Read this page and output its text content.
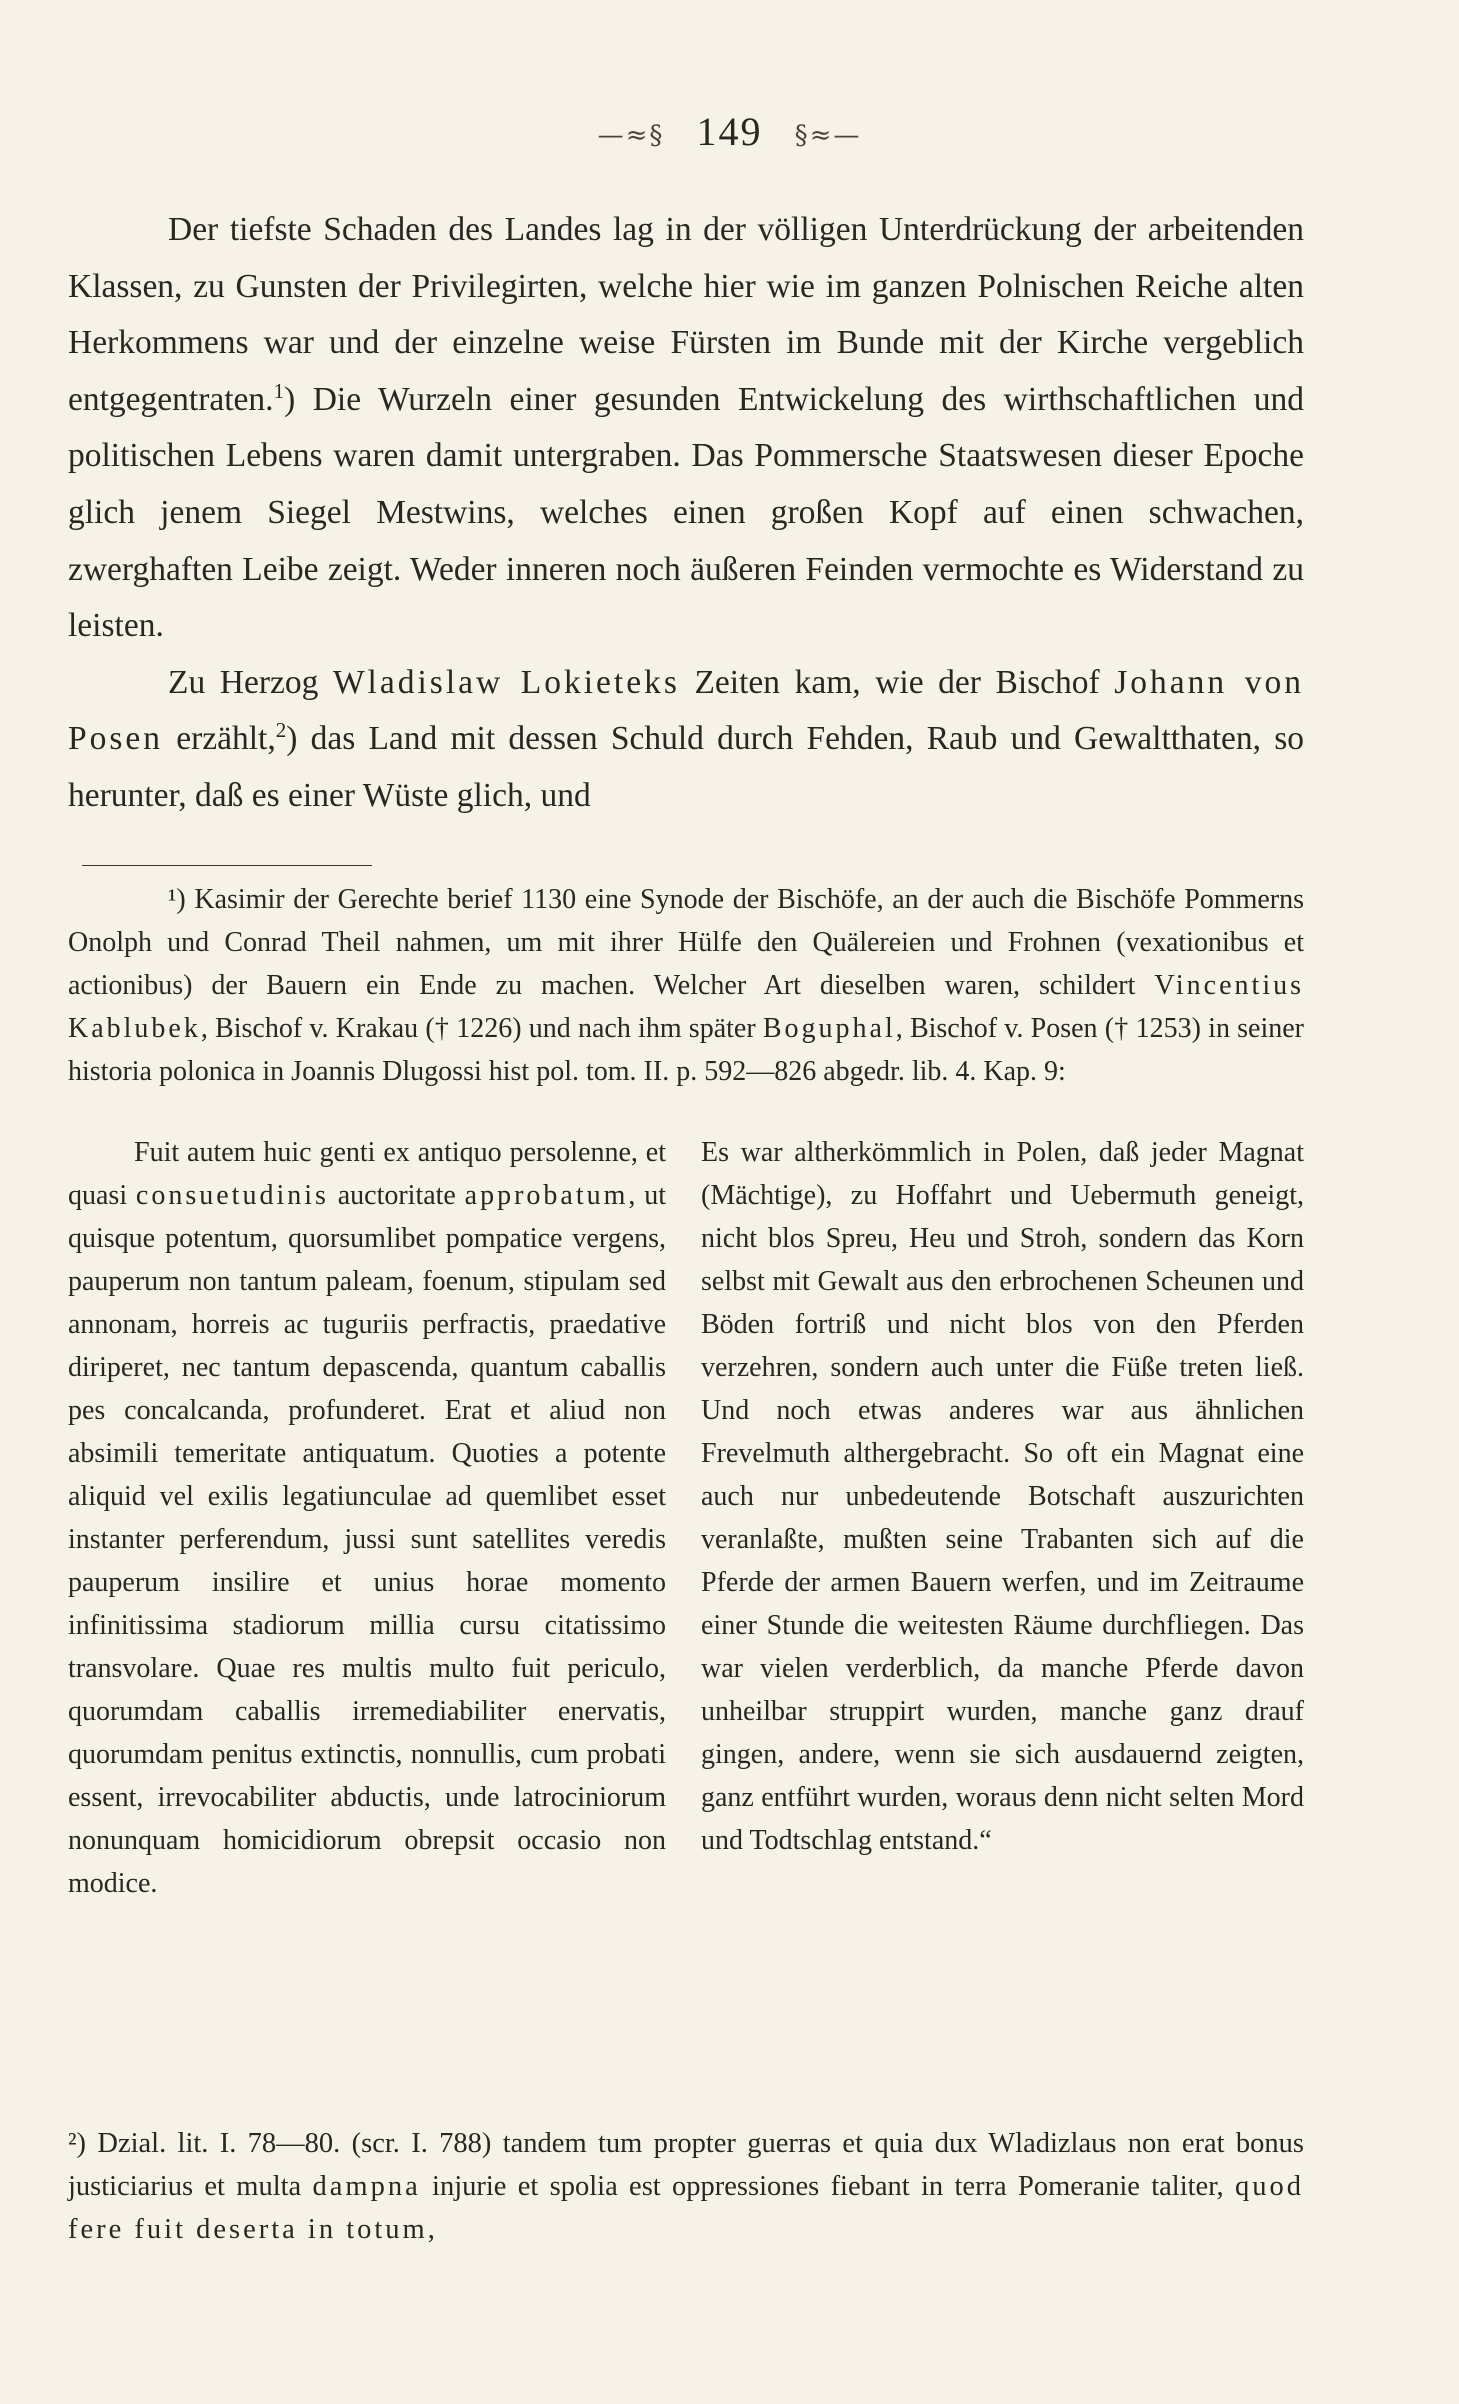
—≈§ 149 §≈—

Der tiefste Schaden des Landes lag in der völligen Unterdrückung der arbeitenden Klassen, zu Gunsten der Privilegirten, welche hier wie im ganzen Polnischen Reiche alten Herkommens war und der einzelne weise Fürsten im Bunde mit der Kirche vergeblich entgegentraten.$^1$) Die Wurzeln einer gesunden Entwickelung des wirthschaftlichen und politischen Lebens waren damit untergraben. Das Pommersche Staatswesen dieser Epoche glich jenem Siegel Mestwins, welches einen großen Kopf auf einen schwachen, zwerghaften Leibe zeigt. Weder inneren noch äußeren Feinden vermochte es Widerstand zu leisten.

Zu Herzog Wladislaw Lokieteks Zeiten kam, wie der Bischof Johann von Posen erzählt,$^2$) das Land mit dessen Schuld durch Fehden, Raub und Gewaltthaten, so herunter, daß es einer Wüste glich, und

¹) Kasimir der Gerechte berief 1130 eine Synode der Bischöfe, an der auch die Bischöfe Pommerns Onolph und Conrad Theil nahmen, um mit ihrer Hülfe den Quälereien und Frohnen (vexationibus et actionibus) der Bauern ein Ende zu machen. Welcher Art dieselben waren, schildert Vincentius Kablubek, Bischof v. Krakau († 1226) und nach ihm später Boguphal, Bischof v. Posen († 1253) in seiner historia polonica in Joannis Dlugossi hist pol. tom. II. p. 592—826 abgedr. lib. 4. Kap. 9:

Fuit autem huic genti ex antiquo persolenne, et quasi consuetudinis auctoritate approbatum, ut quisque potentum, quorsumlibet pompatice vergens, pauperum non tantum paleam, foenum, stipulam sed annonam, horreis ac tuguriis perfractis, praedative diriperet, nec tantum depascenda, quantum caballis pes concalcanda, profunderet. Erat et aliud non absimili temeritate antiquatum. Quoties a potente aliquid vel exilis legatiunculae ad quemlibet esset instanter perferendum, jussi sunt satellites veredis pauperum insilire et unius horae momento infinitissima stadiorum millia cursu citatissimo transvolare. Quae res multis multo fuit periculo, quorumdam caballis irremediabiliter enervatis, quorumdam penitus extinctis, nonnullis, cum probati essent, irrevocabiliter abductis, unde latrociniorum nonunquam homicidiorum obrepsit occasio non modice.

Es war altherkömmlich in Polen, daß jeder Magnat (Mächtige), zu Hoffahrt und Uebermuth geneigt, nicht blos Spreu, Heu und Stroh, sondern das Korn selbst mit Gewalt aus den erbrochenen Scheunen und Böden fortriß und nicht blos von den Pferden verzehren, sondern auch unter die Füße treten ließ. Und noch etwas anderes war aus ähnlichen Frevelmuth althergebracht. So oft ein Magnat eine auch nur unbedeutende Botschaft auszurichten veranlaßte, mußten seine Trabanten sich auf die Pferde der armen Bauern werfen, und im Zeitraume einer Stunde die weitesten Räume durchfliegen. Das war vielen verderblich, da manche Pferde davon unheilbar struppirt wurden, manche ganz drauf gingen, andere, wenn sie sich ausdauernd zeigten, ganz entführt wurden, woraus denn nicht selten Mord und Todtschlag entstand.“

²) Dzial. lit. I. 78—80. (scr. I. 788) tandem tum propter guerras et quia dux Wladizlaus non erat bonus justiciarius et multa dampna injurie et spolia est oppressiones fiebant in terra Pomeranie taliter, quod fere fuit deserta in totum,
